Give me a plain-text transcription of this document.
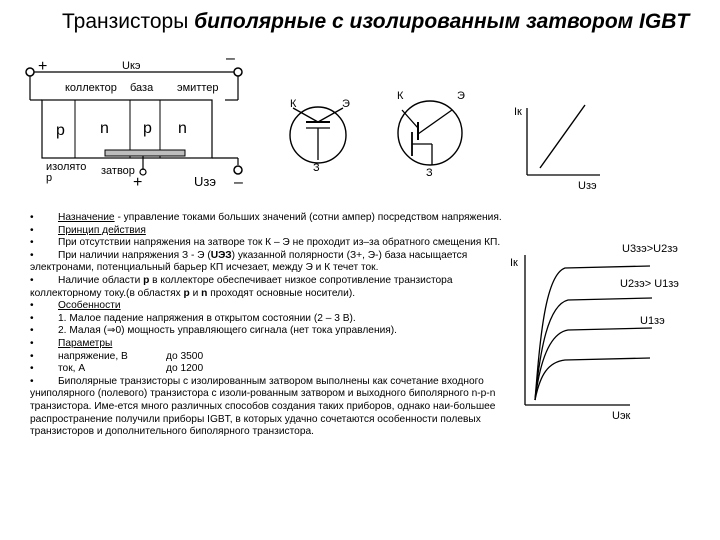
Транзисторы биполярные с изолированным затвором IGBT
+	–
Uкэ
коллектор база эмиттер
p n p n
изолято
р
затвор
+	Uзэ –
К	Э
З
К	Э
З
Iк
Uзэ
Iк
Uэк
U3зэ>U2зэ
U2зэ> U1зэ
U1зэ

• Назначение - управление токами больших значений (сотни ампер) посредством напряжения.

• Принцип действия

• При отсутствии напряжения на затворе ток К – Э не проходит из–за обратного смещения КП.

• При наличии напряжения З - Э (UЭЗ) указанной полярности (З+, Э-) база насыщается электронами, потенциальный барьер КП исчезает, между Э и К течет ток.

• Наличие области p в коллекторе обеспечивает низкое сопротивление транзистора коллекторному току.(в областях p и n проходят основные носители).

• Особенности

• 1. Малое падение напряжения в открытом состоянии (2 – 3 В).

• 2. Малая (⇒0) мощность управляющего сигнала (нет тока управления).

• Параметры

• напряжение, В	до 3500

• ток, А	до 1200

• Биполярные транзисторы с изолированным затвором выполнены как сочетание входного униполярного (полевого) транзистора с изоли-рованным затвором и выходного биполярного n-p-n транзистора. Име-ется много различных способов создания таких приборов, однако наи-большее распространение получили приборы IGBT, в которых удачно сочетаются особенности полевых транзисторов и дополнительного биполярного транзистора.
